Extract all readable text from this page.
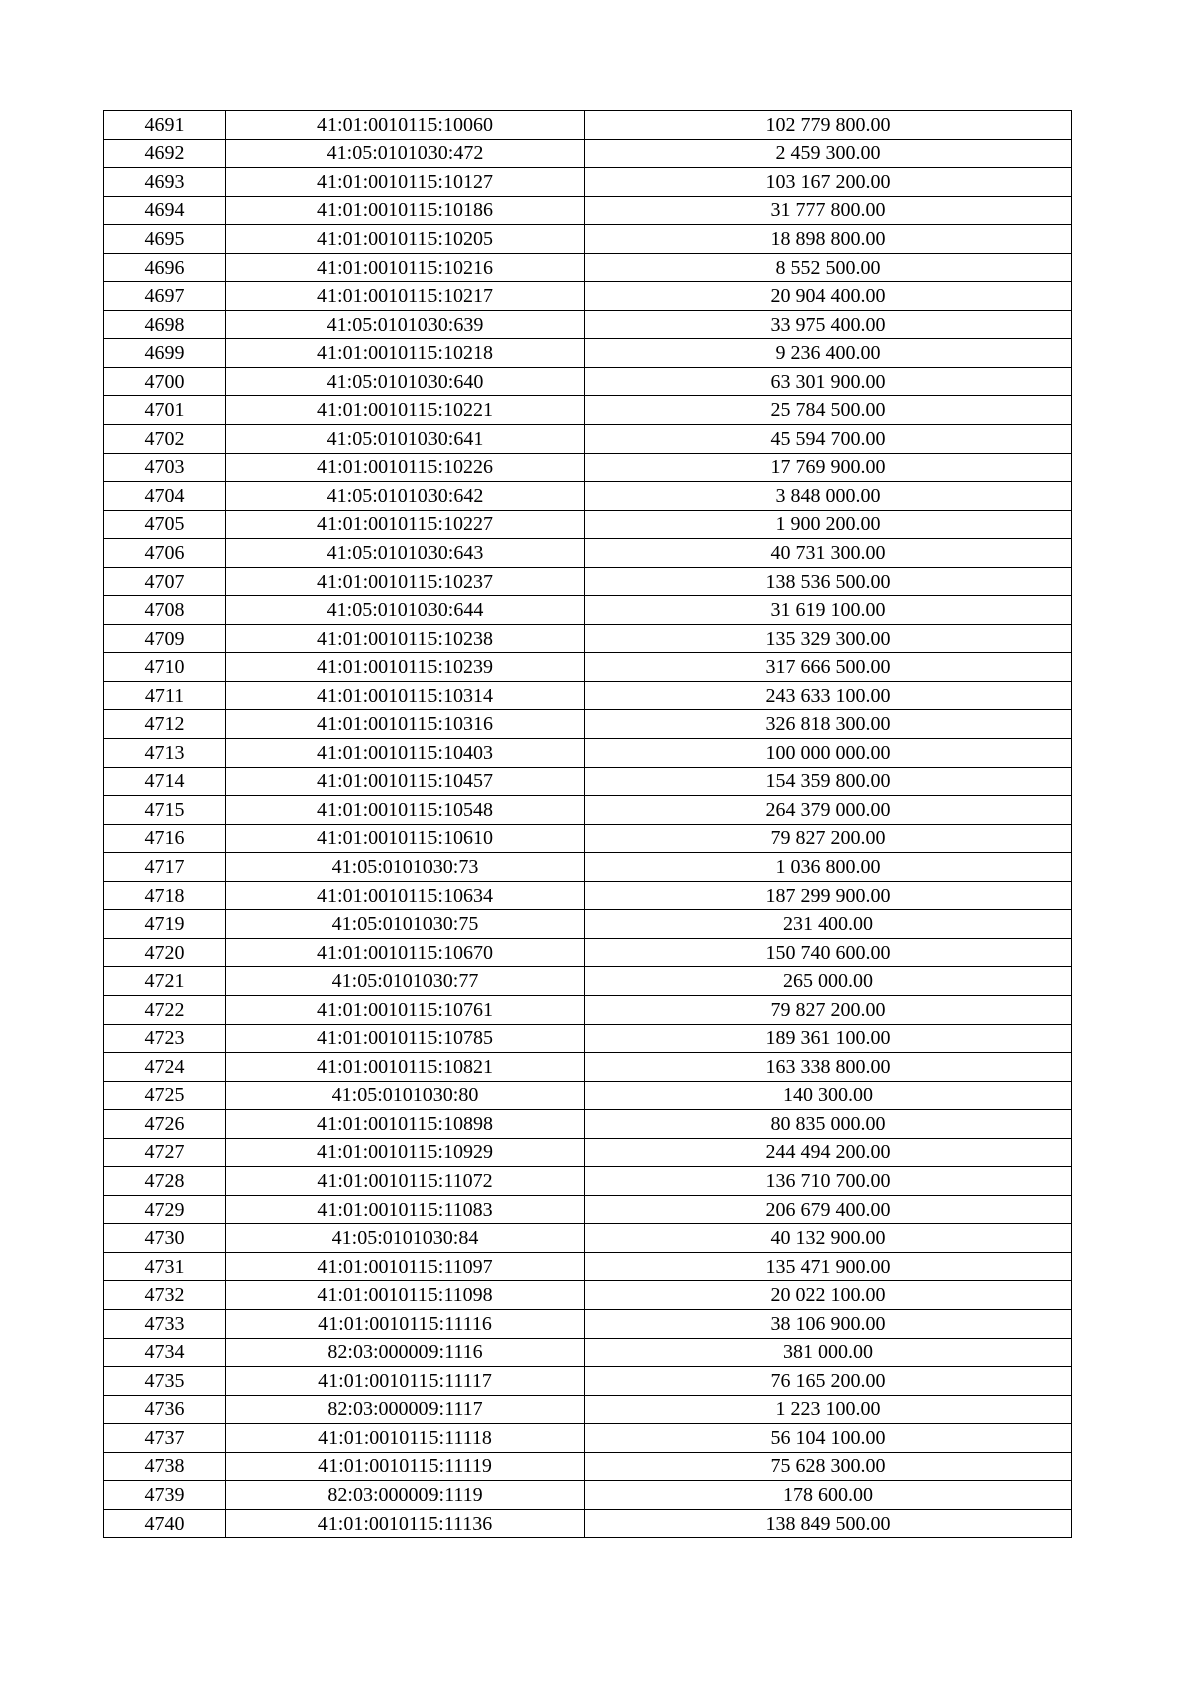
4691	41:01:0010115:10060	102 779 800.00
4692	41:05:0101030:472	2 459 300.00
4693	41:01:0010115:10127	103 167 200.00
4694	41:01:0010115:10186	31 777 800.00
4695	41:01:0010115:10205	18 898 800.00
4696	41:01:0010115:10216	8 552 500.00
4697	41:01:0010115:10217	20 904 400.00
4698	41:05:0101030:639	33 975 400.00
4699	41:01:0010115:10218	9 236 400.00
4700	41:05:0101030:640	63 301 900.00
4701	41:01:0010115:10221	25 784 500.00
4702	41:05:0101030:641	45 594 700.00
4703	41:01:0010115:10226	17 769 900.00
4704	41:05:0101030:642	3 848 000.00
4705	41:01:0010115:10227	1 900 200.00
4706	41:05:0101030:643	40 731 300.00
4707	41:01:0010115:10237	138 536 500.00
4708	41:05:0101030:644	31 619 100.00
4709	41:01:0010115:10238	135 329 300.00
4710	41:01:0010115:10239	317 666 500.00
4711	41:01:0010115:10314	243 633 100.00
4712	41:01:0010115:10316	326 818 300.00
4713	41:01:0010115:10403	100 000 000.00
4714	41:01:0010115:10457	154 359 800.00
4715	41:01:0010115:10548	264 379 000.00
4716	41:01:0010115:10610	79 827 200.00
4717	41:05:0101030:73	1 036 800.00
4718	41:01:0010115:10634	187 299 900.00
4719	41:05:0101030:75	231 400.00
4720	41:01:0010115:10670	150 740 600.00
4721	41:05:0101030:77	265 000.00
4722	41:01:0010115:10761	79 827 200.00
4723	41:01:0010115:10785	189 361 100.00
4724	41:01:0010115:10821	163 338 800.00
4725	41:05:0101030:80	140 300.00
4726	41:01:0010115:10898	80 835 000.00
4727	41:01:0010115:10929	244 494 200.00
4728	41:01:0010115:11072	136 710 700.00
4729	41:01:0010115:11083	206 679 400.00
4730	41:05:0101030:84	40 132 900.00
4731	41:01:0010115:11097	135 471 900.00
4732	41:01:0010115:11098	20 022 100.00
4733	41:01:0010115:11116	38 106 900.00
4734	82:03:000009:1116	381 000.00
4735	41:01:0010115:11117	76 165 200.00
4736	82:03:000009:1117	1 223 100.00
4737	41:01:0010115:11118	56 104 100.00
4738	41:01:0010115:11119	75 628 300.00
4739	82:03:000009:1119	178 600.00
4740	41:01:0010115:11136	138 849 500.00
